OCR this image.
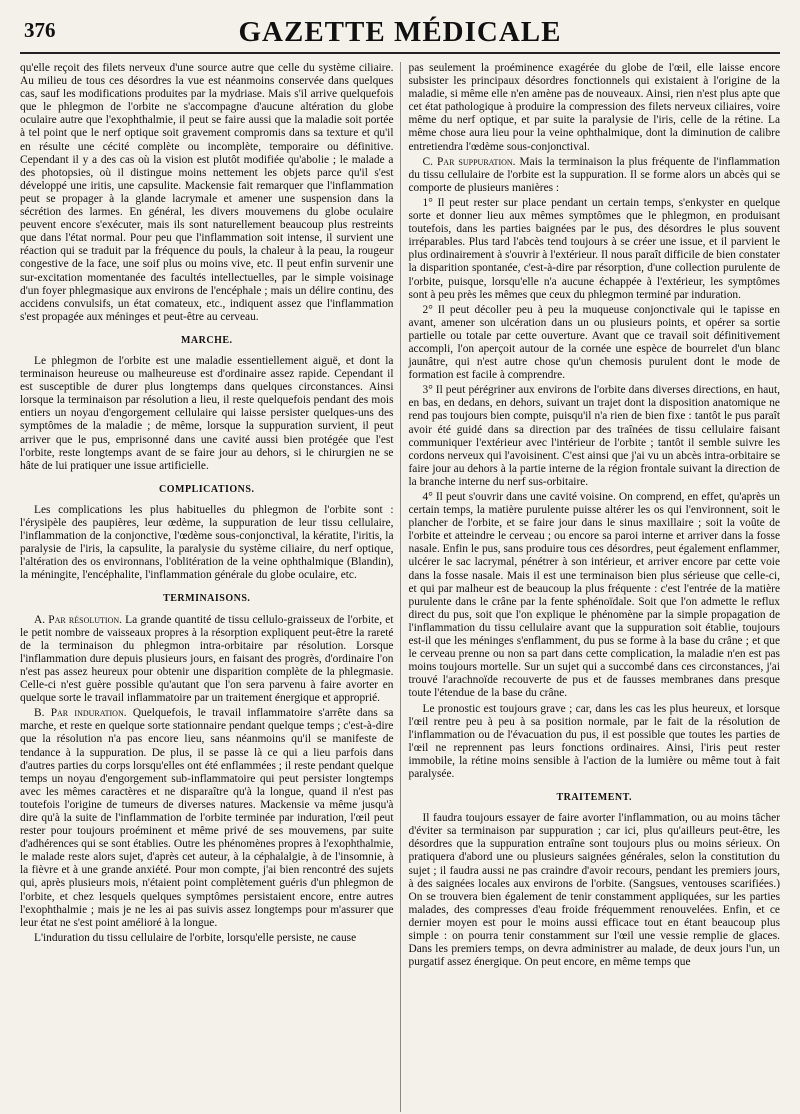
376	GAZETTE MÉDICALE

qu'elle reçoit des filets nerveux d'une source autre que celle du système ciliaire. Au milieu de tous ces désordres la vue est néanmoins conservée dans quelques cas, sauf les modifications produites par la mydriase. Mais s'il arrive quelquefois que le phlegmon de l'orbite ne s'accompagne d'aucune altération du globe oculaire autre que l'exophthalmie, il peut se faire aussi que la maladie soit portée à tel point que le nerf optique soit gravement compromis dans sa texture et qu'il en résulte une cécité complète ou incomplète, temporaire ou définitive. Cependant il y a des cas où la vision est plutôt modifiée qu'abolie ; le malade a des photopsies, où il distingue moins nettement les objets parce qu'il s'est développé une iritis, une capsulite. Mackensie fait remarquer que l'inflammation peut se propager à la glande lacrymale et amener une suspension dans la sécrétion des larmes. En général, les divers mouvemens du globe oculaire peuvent encore s'exécuter, mais ils sont naturellement beaucoup plus restreints que dans l'état normal. Pour peu que l'inflammation soit intense, il survient une réaction qui se traduit par la fréquence du pouls, la chaleur à la peau, la rougeur congestive de la face, une soif plus ou moins vive, etc. Il peut enfin survenir une sur-excitation momentanée des facultés intellectuelles, par le simple voisinage d'un foyer phlegmasique aux environs de l'encéphale ; mais un délire continu, des accidens convulsifs, un état comateux, etc., indiquent assez que l'inflammation s'est propagée aux méninges et peut-être au cerveau.

MARCHE.

Le phlegmon de l'orbite est une maladie essentiellement aiguë, et dont la terminaison heureuse ou malheureuse est d'ordinaire assez rapide. Cependant il est susceptible de durer plus longtemps dans quelques circonstances. Ainsi lorsque la terminaison par résolution a lieu, il reste quelquefois pendant des mois entiers un noyau d'engorgement cellulaire qui laisse persister quelques-uns des symptômes de la maladie ; de même, lorsque la suppuration survient, il peut arriver que le pus, emprisonné dans une cavité aussi bien protégée que l'est l'orbite, reste longtemps avant de se faire jour au dehors, si le chirurgien ne se hâte de lui pratiquer une issue artificielle.

COMPLICATIONS.

Les complications les plus habituelles du phlegmon de l'orbite sont : l'érysipèle des paupières, leur œdème, la suppuration de leur tissu cellulaire, l'inflammation de la conjonctive, l'œdème sous-conjonctival, la kératite, l'iritis, la paralysie de l'iris, la capsulite, la paralysie du système ciliaire, du nerf optique, l'altération des os environnans, l'oblitération de la veine ophthalmique (Blandin), la méningite, l'encéphalite, l'inflammation générale du globe oculaire, etc.

TERMINAISONS.

A. Par résolution. La grande quantité de tissu cellulo-graisseux de l'orbite, et le petit nombre de vaisseaux propres à la résorption expliquent peut-être la rareté de la terminaison du phlegmon intra-orbitaire par résolution. Lorsque l'inflammation dure depuis plusieurs jours, en faisant des progrès, d'ordinaire l'on n'est pas assez heureux pour obtenir une disparition complète de la phlegmasie. Celle-ci n'est guère possible qu'autant que l'on sera parvenu à faire avorter en quelque sorte le travail inflammatoire par un traitement énergique et approprié.

B. Par induration. Quelquefois, le travail inflammatoire s'arrête dans sa marche, et reste en quelque sorte stationnaire pendant quelque temps ; c'est-à-dire que la résolution n'a pas encore lieu, sans néanmoins qu'il se manifeste de tendance à la suppuration. De plus, il se passe là ce qui a lieu parfois dans d'autres parties du corps lorsqu'elles ont été enflammées ; il reste pendant quelque temps un noyau d'engorgement sub-inflammatoire qui peut persister longtemps avec les mêmes caractères et ne disparaître qu'à la longue, quand il n'est pas toutefois l'origine de tumeurs de diverses natures. Mackensie va même jusqu'à dire qu'à la suite de l'inflammation de l'orbite terminée par induration, l'œil peut rester pour toujours proéminent et même privé de ses mouvemens, par suite d'adhérences qui se sont établies. Outre les phénomènes propres à l'exophthalmie, le malade reste alors sujet, d'après cet auteur, à la céphalalgie, à de l'insomnie, à la fièvre et à une grande anxiété. Pour mon compte, j'ai bien rencontré des sujets qui, après plusieurs mois, n'étaient point complètement guéris d'un phlegmon de l'orbite, et chez lesquels quelques symptômes persistaient encore, entre autres l'exophthalmie ; mais je ne les ai pas suivis assez longtemps pour m'assurer que leur état ne s'est point amélioré à la longue.

L'induration du tissu cellulaire de l'orbite, lorsqu'elle persiste, ne cause

pas seulement la proéminence exagérée du globe de l'œil, elle laisse encore subsister les principaux désordres fonctionnels qui existaient à l'origine de la maladie, si même elle n'en amène pas de nouveaux. Ainsi, rien n'est plus apte que cet état pathologique à produire la compression des filets nerveux ciliaires, voire même du nerf optique, et par suite la paralysie de l'iris, celle de la rétine. La même chose aura lieu pour la veine ophthalmique, dont la diminution de calibre entretiendra l'œdème sous-conjonctival.

C. Par suppuration. Mais la terminaison la plus fréquente de l'inflammation du tissu cellulaire de l'orbite est la suppuration. Il se forme alors un abcès qui se comporte de plusieurs manières :

1° Il peut rester sur place pendant un certain temps, s'enkyster en quelque sorte et donner lieu aux mêmes symptômes que le phlegmon, en produisant toutefois, dans les parties baignées par le pus, des désordres le plus souvent irréparables. Plus tard l'abcès tend toujours à se créer une issue, et il parvient le plus ordinairement à s'ouvrir à l'extérieur. Il nous paraît difficile de bien constater la disparition spontanée, c'est-à-dire par résorption, d'une collection purulente de l'orbite, puisque, lorsqu'elle n'a aucune échappée à l'extérieur, les symptômes sont à peu près les mêmes que ceux du phlegmon terminé par induration.

2° Il peut décoller peu à peu la muqueuse conjonctivale qui le tapisse en avant, amener son ulcération dans un ou plusieurs points, et opérer sa sortie partielle ou totale par cette ouverture. Avant que ce travail soit définitivement accompli, l'on aperçoit autour de la cornée une espèce de bourrelet d'un blanc jaunâtre, qui n'est autre chose qu'un chemosis purulent dont le mode de formation est facile à comprendre.

3° Il peut pérégriner aux environs de l'orbite dans diverses directions, en haut, en bas, en dedans, en dehors, suivant un trajet dont la disposition anatomique ne rend pas toujours bien compte, puisqu'il n'a rien de bien fixe : tantôt le pus paraît avoir été guidé dans sa direction par des traînées de tissu cellulaire faisant communiquer l'extérieur avec l'intérieur de l'orbite ; tantôt il semble suivre les cordons nerveux qui l'avoisinent. C'est ainsi que j'ai vu un abcès intra-orbitaire se faire jour au dehors à la partie interne de la région frontale suivant la direction de la branche interne du nerf sus-orbitaire.

4° Il peut s'ouvrir dans une cavité voisine. On comprend, en effet, qu'après un certain temps, la matière purulente puisse altérer les os qui l'environnent, soit le plancher de l'orbite, et se faire jour dans le sinus maxillaire ; soit la voûte de l'orbite et atteindre le cerveau ; ou encore sa paroi interne et arriver dans la fosse nasale. Enfin le pus, sans produire tous ces désordres, peut également enflammer, ulcérer le sac lacrymal, pénétrer à son intérieur, et arriver encore par cette voie dans la fosse nasale. Mais il est une terminaison bien plus sérieuse que celle-ci, et qui par malheur est de beaucoup la plus fréquente : c'est l'entrée de la matière purulente dans le crâne par la fente sphénoïdale. Soit que l'on admette le reflux direct du pus, soit que l'on explique le phénomène par la simple propagation de l'inflammation du tissu cellulaire avant que la suppuration soit établie, toujours est-il que les méninges s'enflamment, du pus se forme à la base du crâne ; et que le cerveau prenne ou non sa part dans cette complication, la maladie n'en est pas moins toujours mortelle. Sur un sujet qui a succombé dans ces circonstances, j'ai trouvé l'arachnoïde recouverte de pus et de fausses membranes dans presque toute l'étendue de la base du crâne.

Le pronostic est toujours grave ; car, dans les cas les plus heureux, et lorsque l'œil rentre peu à peu à sa position normale, par le fait de la résolution de l'inflammation ou de l'évacuation du pus, il est possible que toutes les parties de l'œil ne reprennent pas leurs fonctions ordinaires. Ainsi, l'iris peut rester immobile, la rétine moins sensible à l'action de la lumière ou même tout à fait paralysée.

TRAITEMENT.

Il faudra toujours essayer de faire avorter l'inflammation, ou au moins tâcher d'éviter sa terminaison par suppuration ; car ici, plus qu'ailleurs peut-être, les désordres que la suppuration entraîne sont toujours plus ou moins sérieux. On pratiquera d'abord une ou plusieurs saignées générales, selon la constitution du sujet ; il faudra aussi ne pas craindre d'avoir recours, pendant les premiers jours, à des saignées locales aux environs de l'orbite. (Sangsues, ventouses scarifiées.) On se trouvera bien également de tenir constamment appliquées, sur les parties malades, des compresses d'eau froide fréquemment renouvelées. Enfin, et ce dernier moyen est pour le moins aussi efficace tout en étant beaucoup plus simple : on pourra tenir constamment sur l'œil une vessie remplie de glaces. Dans les premiers temps, on devra administrer au malade, de deux jours l'un, un purgatif assez énergique. On peut encore, en même temps que
